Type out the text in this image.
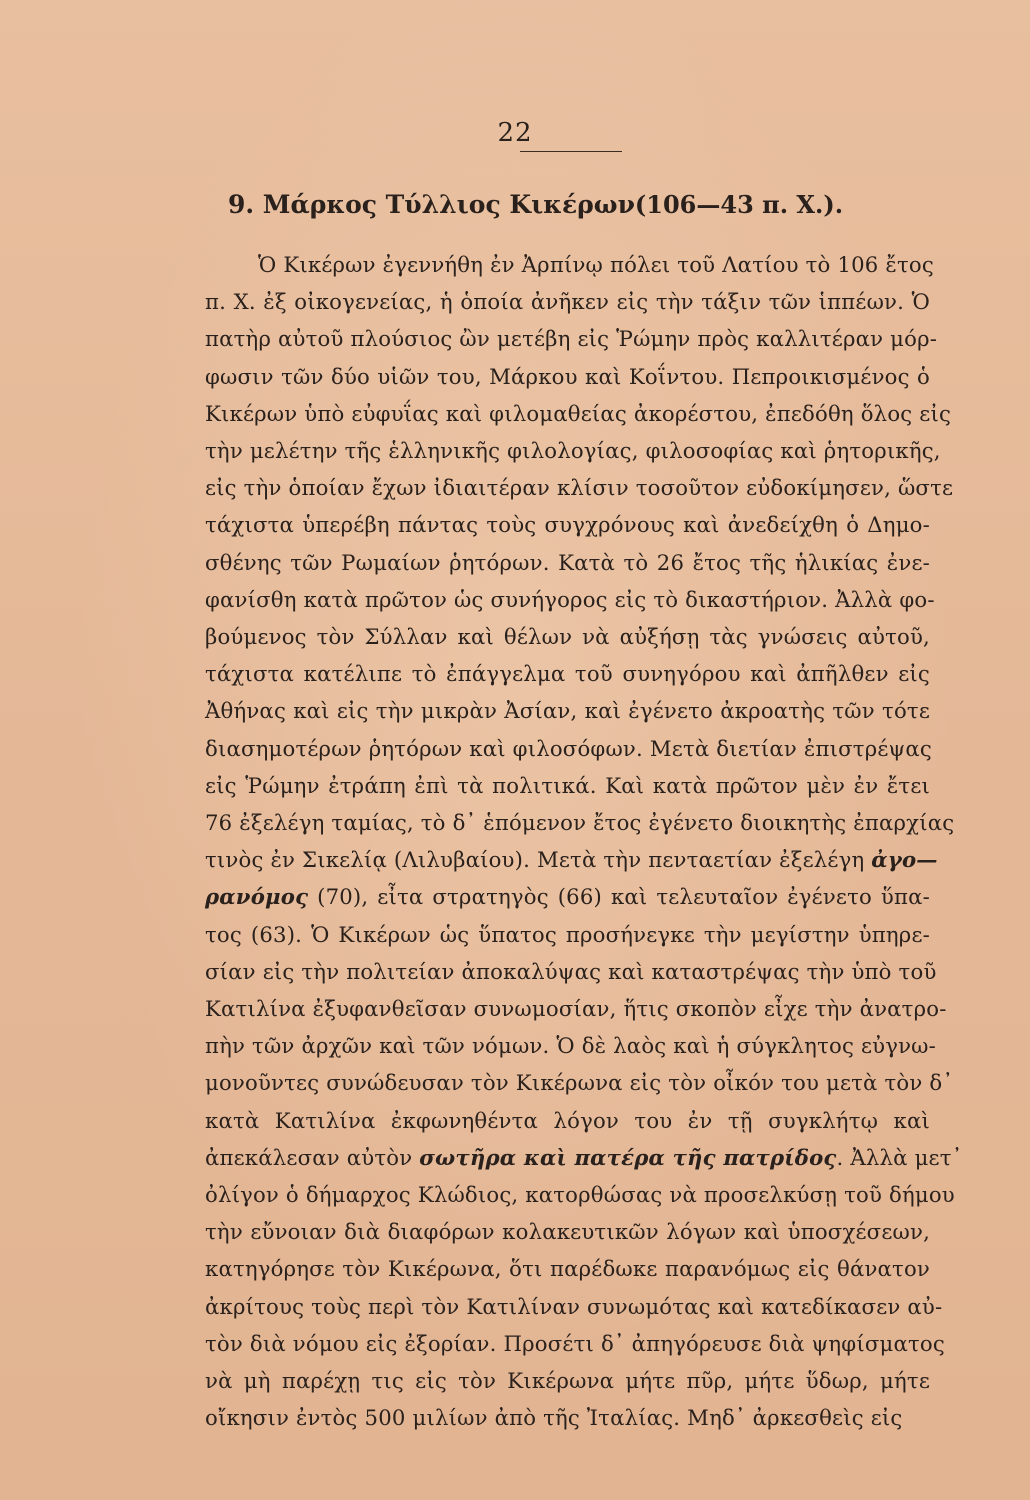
22
9. Μάρκος Τύλλιος Κικέρων(106—43 π. Χ.).
Ὁ Κικέρων ἐγεννήθη ἐν Ἀρπίνῳ πόλει τοῦ Λατίου τὸ 106 ἔτος
π. Χ. ἐξ οἰκογενείας, ἡ ὁποία ἀνῆκεν εἰς τὴν τάξιν τῶν ἱππέων. Ὁ
πατὴρ αὐτοῦ πλούσιος ὢν μετέβη εἰς Ῥώμην πρὸς καλλιτέραν μόρ-
φωσιν τῶν δύο υἱῶν του, Μάρκου καὶ Κοΐντου. Πεπροικισμένος ὁ
Κικέρων ὑπὸ εὐφυΐας καὶ φιλομαθείας ἀκορέστου, ἐπεδόθη ὅλος εἰς
τὴν μελέτην τῆς ἑλληνικῆς φιλολογίας, φιλοσοφίας καὶ ῥητορικῆς,
εἰς τὴν ὁποίαν ἔχων ἰδιαιτέραν κλίσιν τοσοῦτον εὐδοκίμησεν, ὥστε
τάχιστα ὑπερέβη πάντας τοὺς συγχρόνους καὶ ἀνεδείχθη ὁ Δημο-
σθένης τῶν Ρωμαίων ῥητόρων. Κατὰ τὸ 26 ἔτος τῆς ἡλικίας ἐνε-
φανίσθη κατὰ πρῶτον ὡς συνήγορος εἰς τὸ δικαστήριον. Ἀλλὰ φο-
βούμενος τὸν Σύλλαν καὶ θέλων νὰ αὐξήσῃ τὰς γνώσεις αὐτοῦ,
τάχιστα κατέλιπε τὸ ἐπάγγελμα τοῦ συνηγόρου καὶ ἀπῆλθεν εἰς
Ἀθήνας καὶ εἰς τὴν μικρὰν Ἀσίαν, καὶ ἐγένετο ἀκροατὴς τῶν τότε
διασημοτέρων ῥητόρων καὶ φιλοσόφων. Μετὰ διετίαν ἐπιστρέψας
εἰς Ῥώμην ἐτράπη ἐπὶ τὰ πολιτικά. Καὶ κατὰ πρῶτον μὲν ἐν ἔτει
76 ἐξελέγη ταμίας, τὸ δ᾽ ἑπόμενον ἔτος ἐγένετο διοικητὴς ἐπαρχίας
τινὸς ἐν Σικελίᾳ (Λιλυβαίου). Μετὰ τὴν πενταετίαν ἐξελέγη ἀγο—
ρανόμος (70), εἶτα στρατηγὸς (66) καὶ τελευταῖον ἐγένετο ὕπα-
τος (63). Ὁ Κικέρων ὡς ὕπατος προσήνεγκε τὴν μεγίστην ὑπηρε-
σίαν εἰς τὴν πολιτείαν ἀποκαλύψας καὶ καταστρέψας τὴν ὑπὸ τοῦ
Κατιλίνα ἐξυφανθεῖσαν συνωμοσίαν, ἥτις σκοπὸν εἶχε τὴν ἀνατρο-
πὴν τῶν ἀρχῶν καὶ τῶν νόμων. Ὁ δὲ λαὸς καὶ ἡ σύγκλητος εὐγνω-
μονοῦντες συνώδευσαν τὸν Κικέρωνα εἰς τὸν οἶκόν του μετὰ τὸν δ᾽
κατὰ Κατιλίνα ἐκφωνηθέντα λόγον του ἐν τῇ συγκλήτῳ καὶ
ἀπεκάλεσαν αὐτὸν σωτῆρα καὶ πατέρα τῆς πατρίδος. Ἀλλὰ μετ᾽
ὀλίγον ὁ δήμαρχος Κλώδιος, κατορθώσας νὰ προσελκύσῃ τοῦ δήμου
τὴν εὔνοιαν διὰ διαφόρων κολακευτικῶν λόγων καὶ ὑποσχέσεων,
κατηγόρησε τὸν Κικέρωνα, ὅτι παρέδωκε παρανόμως εἰς θάνατον
ἀκρίτους τοὺς περὶ τὸν Κατιλίναν συνωμότας καὶ κατεδίκασεν αὐ-
τὸν διὰ νόμου εἰς ἐξορίαν. Προσέτι δ᾽ ἀπηγόρευσε διὰ ψηφίσματος
νὰ μὴ παρέχῃ τις εἰς τὸν Κικέρωνα μήτε πῦρ, μήτε ὕδωρ, μήτε
οἴκησιν ἐντὸς 500 μιλίων ἀπὸ τῆς Ἰταλίας. Μηδ᾽ ἀρκεσθεὶς εἰς
